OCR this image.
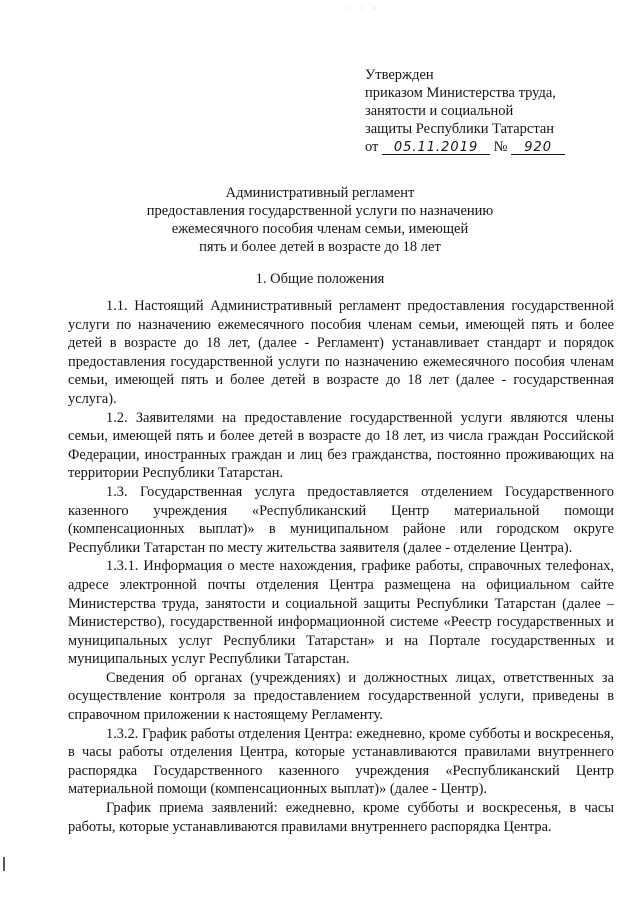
· · ·
Утвержден
приказом Министерства труда,
занятости и социальной
защиты Республики Татарстан
от 05.11.2019 № 920
Административный регламент
предоставления государственной услуги по назначению
ежемесячного пособия членам семьи, имеющей
пять и более детей в возрасте до 18 лет
1. Общие положения

1.1. Настоящий Административный регламент предоставления государственной услуги по назначению ежемесячного пособия членам семьи, имеющей пять и более детей в возрасте до 18 лет, (далее - Регламент) устанавливает стандарт и порядок предоставления государственной услуги по назначению ежемесячного пособия членам семьи, имеющей пять и более детей в возрасте до 18 лет (далее - государственная услуга).

1.2. Заявителями на предоставление государственной услуги являются члены семьи, имеющей пять и более детей в возрасте до 18 лет, из числа граждан Российской Федерации, иностранных граждан и лиц без гражданства, постоянно проживающих на территории Республики Татарстан.

1.3. Государственная услуга предоставляется отделением Государственного казенного учреждения «Республиканский Центр материальной помощи (компенсационных выплат)» в муниципальном районе или городском округе Республики Татарстан по месту жительства заявителя (далее - отделение Центра).

1.3.1. Информация о месте нахождения, графике работы, справочных телефонах, адресе электронной почты отделения Центра размещена на официальном сайте Министерства труда, занятости и социальной защиты Республики Татарстан (далее – Министерство), государственной информационной системе «Реестр государственных и муниципальных услуг Республики Татарстан» и на Портале государственных и муниципальных услуг Республики Татарстан.

Сведения об органах (учреждениях) и должностных лицах, ответственных за осуществление контроля за предоставлением государственной услуги, приведены в справочном приложении к настоящему Регламенту.

1.3.2. График работы отделения Центра: ежедневно, кроме субботы и воскресенья, в часы работы отделения Центра, которые устанавливаются правилами внутреннего распорядка Государственного казенного учреждения «Республиканский Центр материальной помощи (компенсационных выплат)» (далее - Центр).

График приема заявлений: ежедневно, кроме субботы и воскресенья, в часы работы, которые устанавливаются правилами внутреннего распорядка Центра.
